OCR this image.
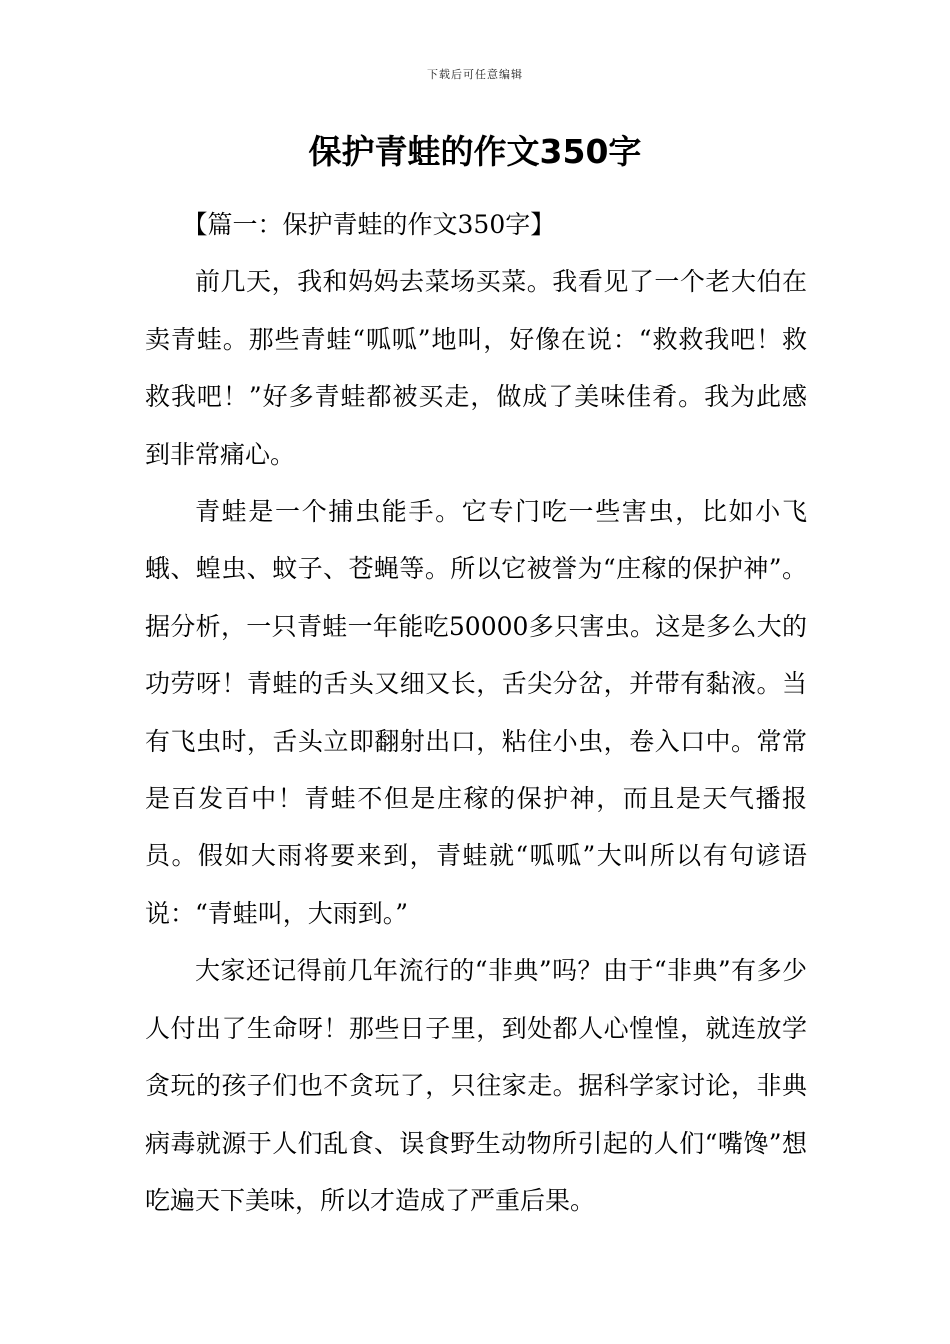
下载后可任意编辑
保护青蛙的作文350字

【篇一：保护青蛙的作文350字】

前几天，我和妈妈去菜场买菜。我看见了一个老大伯在卖青蛙。那些青蛙“呱呱”地叫，好像在说：“救救我吧！救救我吧！”好多青蛙都被买走，做成了美味佳肴。我为此感到非常痛心。

青蛙是一个捕虫能手。它专门吃一些害虫，比如小飞蛾、蝗虫、蚊子、苍蝇等。所以它被誉为“庄稼的保护神”。据分析，一只青蛙一年能吃50000多只害虫。这是多么大的功劳呀！青蛙的舌头又细又长，舌尖分岔，并带有黏液。当有飞虫时，舌头立即翻射出口，粘住小虫，卷入口中。常常是百发百中！青蛙不但是庄稼的保护神，而且是天气播报员。假如大雨将要来到，青蛙就“呱呱”大叫所以有句谚语说：“青蛙叫，大雨到。”

大家还记得前几年流行的“非典”吗？由于“非典”有多少人付出了生命呀！那些日子里，到处都人心惶惶，就连放学贪玩的孩子们也不贪玩了，只往家走。据科学家讨论，非典病毒就源于人们乱食、误食野生动物所引起的人们“嘴馋”想吃遍天下美味，所以才造成了严重后果。
